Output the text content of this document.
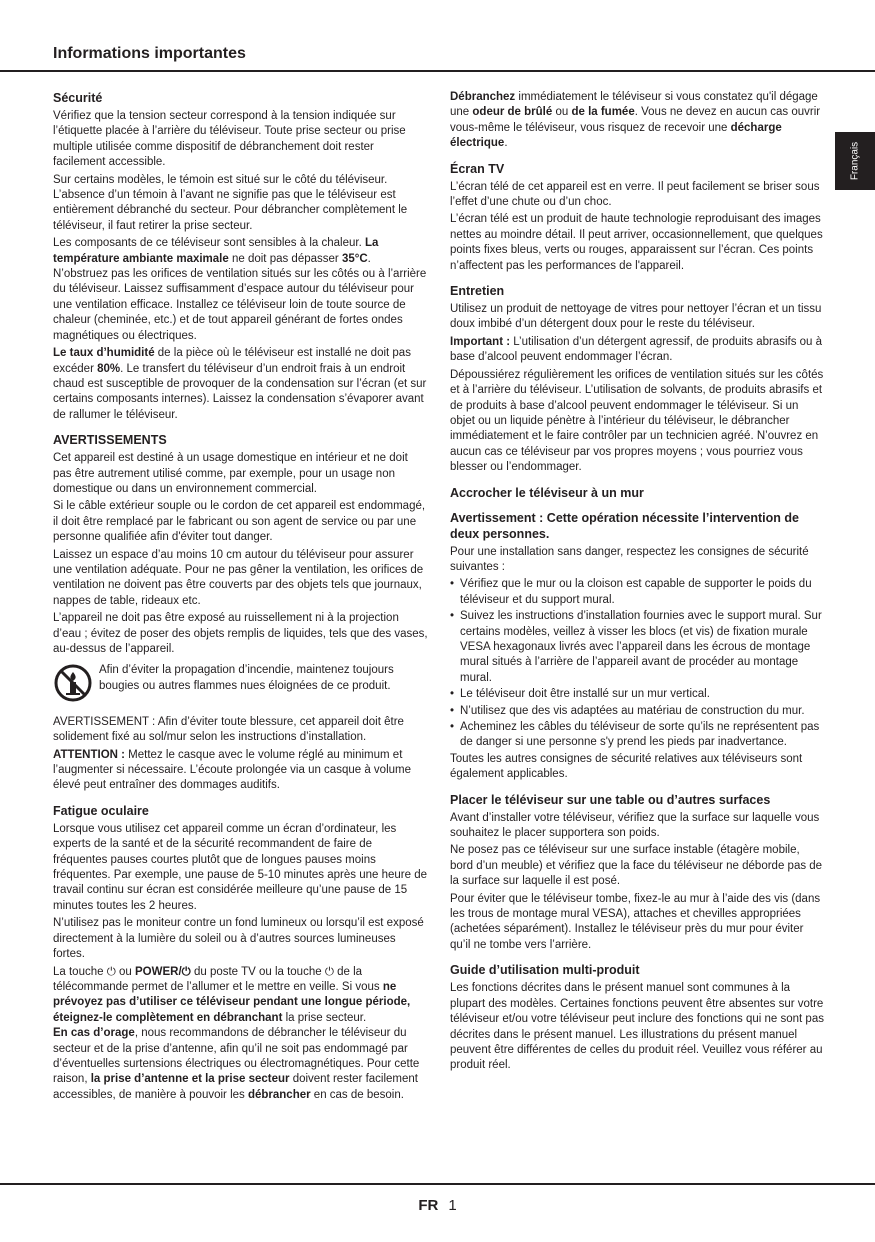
Informations importantes
Français
Sécurité

Vérifiez que la tension secteur correspond à la tension indiquée sur l’étiquette placée à l’arrière du téléviseur. Toute prise secteur ou prise multiple utilisée comme dispositif de débranchement doit rester facilement accessible.

Sur certains modèles, le témoin est situé sur le côté du téléviseur. L’absence d’un témoin à l’avant ne signifie pas que le téléviseur est entièrement débranché du secteur. Pour débrancher complètement le téléviseur, il faut retirer la prise secteur.

Les composants de ce téléviseur sont sensibles à la chaleur. La température ambiante maximale ne doit pas dépasser 35°C. N’obstruez pas les orifices de ventilation situés sur les côtés ou à l’arrière du téléviseur. Laissez suffisamment d’espace autour du téléviseur pour une ventilation efficace. Installez ce téléviseur loin de toute source de chaleur (cheminée, etc.) et de tout appareil générant de fortes ondes magnétiques ou électriques.

Le taux d’humidité de la pièce où le téléviseur est installé ne doit pas excéder 80%. Le transfert du téléviseur d’un endroit frais à un endroit chaud est susceptible de provoquer de la condensation sur l’écran (et sur certains composants internes). Laissez la condensation s’évaporer avant de rallumer le téléviseur.

AVERTISSEMENTS

Cet appareil est destiné à un usage domestique en intérieur et ne doit pas être autrement utilisé comme, par exemple, pour un usage non domestique ou dans un environnement commercial.

Si le câble extérieur souple ou le cordon de cet appareil est endommagé, il doit être remplacé par le fabricant ou son agent de service ou par une personne qualifiée afin d'éviter tout danger.

Laissez un espace d’au moins 10 cm autour du téléviseur pour assurer une ventilation adéquate. Pour ne pas gêner la ventilation, les orifices de ventilation ne doivent pas être couverts par des objets tels que journaux, nappes de table, rideaux etc.

L’appareil ne doit pas être exposé au ruissellement ni à la projection d’eau ; évitez de poser des objets remplis de liquides, tels que des vases, au-dessus de l’appareil.

Afin d’éviter la propagation d’incendie, maintenez toujours bougies ou autres flammes nues éloignées de ce produit.

AVERTISSEMENT : Afin d’éviter toute blessure, cet appareil doit être solidement fixé au sol/mur selon les instructions d’installation.

ATTENTION : Mettez le casque avec le volume réglé au minimum et l’augmenter si nécessaire. L’écoute prolongée via un casque à volume élevé peut entraîner des dommages auditifs.

Fatigue oculaire

Lorsque vous utilisez cet appareil comme un écran d’ordinateur, les experts de la santé et de la sécurité recommandent de faire de fréquentes pauses courtes plutôt que de longues pauses moins fréquentes. Par exemple, une pause de 5-10 minutes après une heure de travail continu sur écran est considérée meilleure qu’une pause de 15 minutes toutes les 2 heures.

N’utilisez pas le moniteur contre un fond lumineux ou lorsqu’il est exposé directement à la lumière du soleil ou à d’autres sources lumineuses fortes.

La touche ⏻ ou POWER/⏻ du poste TV ou la touche ⏻ de la télécommande permet de l’allumer et le mettre en veille. Si vous ne prévoyez pas d’utiliser ce téléviseur pendant une longue période, éteignez-le complètement en débranchant la prise secteur.

En cas d’orage, nous recommandons de débrancher le téléviseur du secteur et de la prise d’antenne, afin qu’il ne soit pas endommagé par d’éventuelles surtensions électriques ou électromagnétiques. Pour cette raison, la prise d’antenne et la prise secteur doivent rester facilement accessibles, de manière à pouvoir les débrancher en cas de besoin.

Débranchez immédiatement le téléviseur si vous constatez qu'il dégage une odeur de brûlé ou de la fumée. Vous ne devez en aucun cas ouvrir vous-même le téléviseur, vous risquez de recevoir une décharge électrique.

Écran TV

L’écran télé de cet appareil est en verre. Il peut facilement se briser sous l’effet d’une chute ou d’un choc.

L’écran télé est un produit de haute technologie reproduisant des images nettes au moindre détail. Il peut arriver, occasionnellement, que quelques points fixes bleus, verts ou rouges, apparaissent sur l’écran. Ces points n’affectent pas les performances de l'appareil.

Entretien

Utilisez un produit de nettoyage de vitres pour nettoyer l’écran et un tissu doux imbibé d’un détergent doux pour le reste du téléviseur.

Important : L’utilisation d’un détergent agressif, de produits abrasifs ou à base d’alcool peuvent endommager l’écran.

Dépoussiérez régulièrement les orifices de ventilation situés sur les côtés et à l’arrière du téléviseur. L’utilisation de solvants, de produits abrasifs et de produits à base d’alcool peuvent endommager le téléviseur. Si un objet ou un liquide pénètre à l’intérieur du téléviseur, le débrancher immédiatement et le faire contrôler par un technicien agréé. N’ouvrez en aucun cas ce téléviseur par vos propres moyens ; vous pourriez vous blesser ou l’endommager.

Accrocher le téléviseur à un mur
Avertissement : Cette opération nécessite l’intervention de deux personnes.

Pour une installation sans danger, respectez les consignes de sécurité suivantes :

• Vérifiez que le mur ou la cloison est capable de supporter le poids du téléviseur et du support mural.
• Suivez les instructions d’installation fournies avec le support mural. Sur certains modèles, veillez à visser les blocs (et vis) de fixation murale VESA hexagonaux livrés avec l’appareil dans les écrous de montage mural situés à l’arrière de l’appareil avant de procéder au montage mural.
• Le téléviseur doit être installé sur un mur vertical.
• N’utilisez que des vis adaptées au matériau de construction du mur.
• Acheminez les câbles du téléviseur de sorte qu’ils ne représentent pas de danger si une personne s'y prend les pieds par inadvertance.

Toutes les autres consignes de sécurité relatives aux téléviseurs sont également applicables.

Placer le téléviseur sur une table ou d’autres surfaces

Avant d’installer votre téléviseur, vérifiez que la surface sur laquelle vous souhaitez le placer supportera son poids.

Ne posez pas ce téléviseur sur une surface instable (étagère mobile, bord d’un meuble) et vérifiez que la face du téléviseur ne déborde pas de la surface sur laquelle il est posé.

Pour éviter que le téléviseur tombe, fixez-le au mur à l’aide des vis (dans les trous de montage mural VESA), attaches et chevilles appropriées (achetées séparément). Installez le téléviseur près du mur pour éviter qu’il ne tombe vers l’arrière.

Guide d’utilisation multi-produit

Les fonctions décrites dans le présent manuel sont communes à la plupart des modèles. Certaines fonctions peuvent être absentes sur votre téléviseur et/ou votre téléviseur peut inclure des fonctions qui ne sont pas décrites dans le présent manuel. Les illustrations du présent manuel peuvent être différentes de celles du produit réel. Veuillez vous référer au produit réel.

FR 1
